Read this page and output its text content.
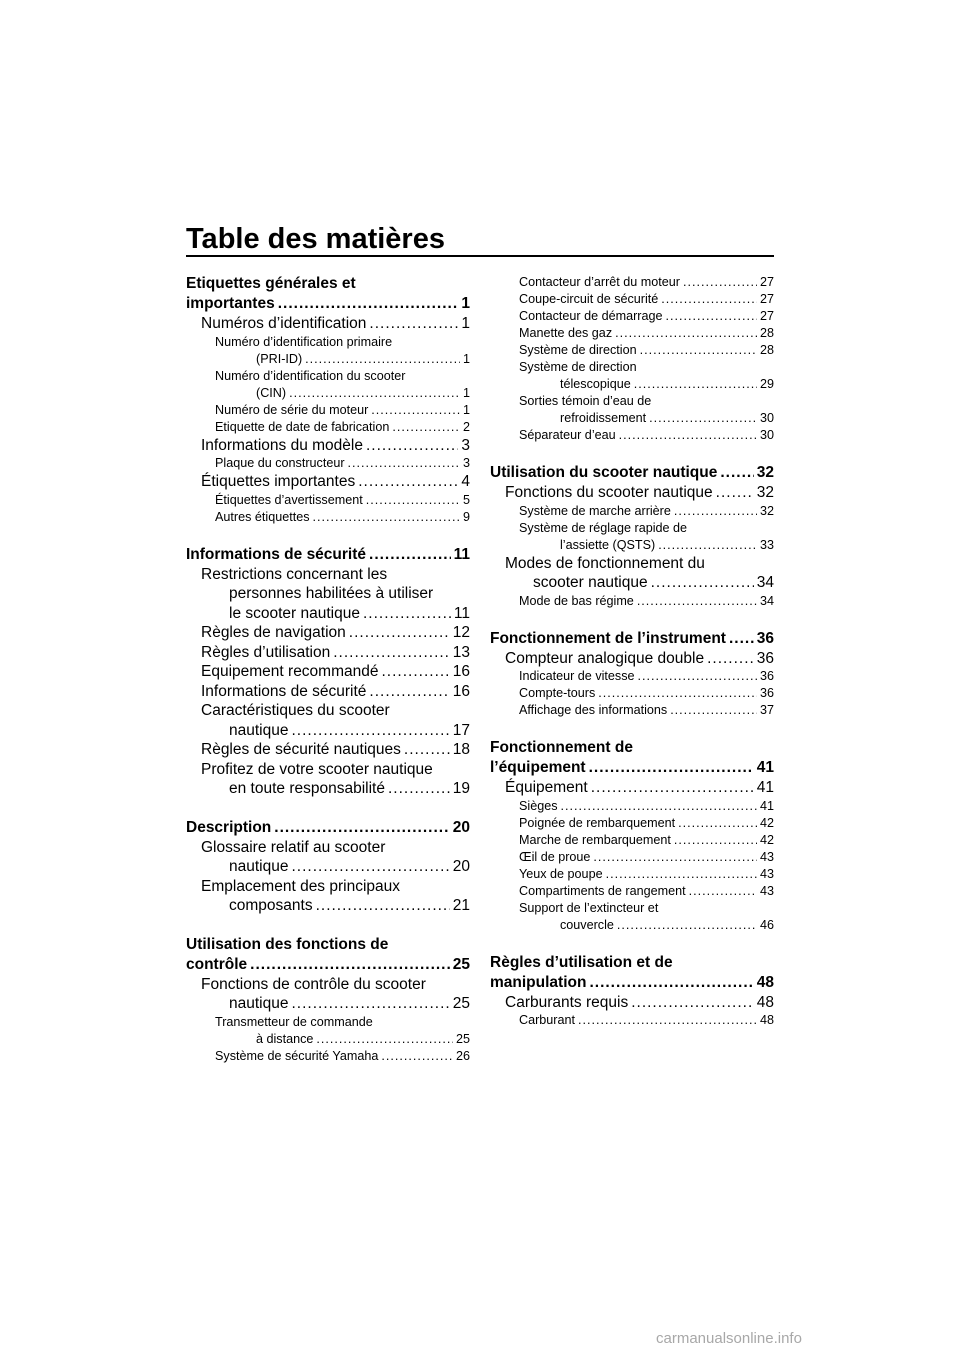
Table des matières
Etiquettes générales et
importantes .....	1
Numéros d’identification .....	1
Numéro d’identification primaire
(PRI-ID) .....	1
Numéro d’identification du scooter
(CIN) .....	1
Numéro de série du moteur .....	1
Etiquette de date de fabrication .....	2
Informations du modèle .....	3
Plaque du constructeur .....	3
Étiquettes importantes .....	4
Étiquettes d’avertissement .....	5
Autres étiquettes .....	9
Informations de sécurité .....	11
Restrictions concernant les
personnes habilitées à utiliser
le scooter nautique .....	11
Règles de navigation .....	12
Règles d’utilisation .....	13
Equipement recommandé .....	16
Informations de sécurité .....	16
Caractéristiques du scooter
nautique .....	17
Règles de sécurité nautiques .....	18
Profitez de votre scooter nautique
en toute responsabilité .....	19
Description .....	20
Glossaire relatif au scooter
nautique .....	20
Emplacement des principaux
composants .....	21
Utilisation des fonctions de
contrôle .....	25
Fonctions de contrôle du scooter
nautique .....	25
Transmetteur de commande
à distance .....	25
Système de sécurité Yamaha .....	26
Contacteur d’arrêt du moteur .....	27
Coupe-circuit de sécurité .....	27
Contacteur de démarrage .....	27
Manette des gaz .....	28
Système de direction .....	28
Système de direction
télescopique .....	29
Sorties témoin d’eau de
refroidissement .....	30
Séparateur d’eau .....	30
Utilisation du scooter nautique .....	32
Fonctions du scooter nautique .....	32
Système de marche arrière .....	32
Système de réglage rapide de
l’assiette (QSTS) .....	33
Modes de fonctionnement du
scooter nautique .....	34
Mode de bas régime .....	34
Fonctionnement de l’instrument ..... 36
Compteur analogique double .....	36
Indicateur de vitesse .....	36
Compte-tours .....	36
Affichage des informations .....	37
Fonctionnement de
l’équipement .....	41
Équipement .....	41
Sièges .....	41
Poignée de rembarquement .....	42
Marche de rembarquement .....	42
Œil de proue .....	43
Yeux de poupe .....	43
Compartiments de rangement .....	43
Support de l’extincteur et
couvercle .....	46
Règles d’utilisation et de
manipulation .....	48
Carburants requis .....	48
Carburant .....	48
carmanualsonline.info
